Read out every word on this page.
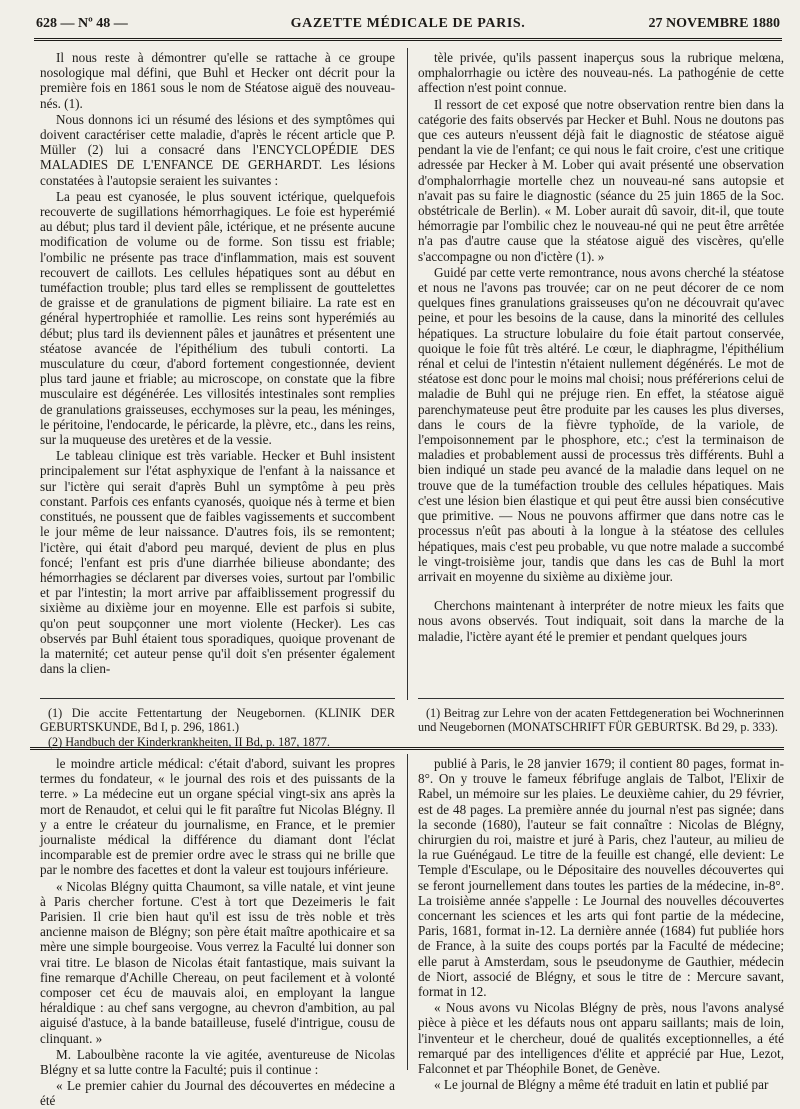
628 — Nº 48 —	GAZETTE MÉDICALE DE PARIS.	27 NOVEMBRE 1880

Il nous reste à démontrer qu'elle se rattache à ce groupe nosologique mal défini, que Buhl et Hecker ont décrit pour la première fois en 1861 sous le nom de Stéatose aiguë des nouveau-nés. (1).

Nous donnons ici un résumé des lésions et des symptômes qui doivent caractériser cette maladie, d'après le récent article que P. Müller (2) lui a consacré dans l'ENCYCLOPÉDIE DES MALADIES DE L'ENFANCE DE GERHARDT. Les lésions constatées à l'autopsie seraient les suivantes :

La peau est cyanosée, le plus souvent ictérique, quelquefois recouverte de sugillations hémorrhagiques. Le foie est hyperémié au début; plus tard il devient pâle, ictérique, et ne présente aucune modification de volume ou de forme. Son tissu est friable; l'ombilic ne présente pas trace d'inflammation, mais est souvent recouvert de caillots. Les cellules hépatiques sont au début en tuméfaction trouble; plus tard elles se remplissent de gouttelettes de graisse et de granulations de pigment biliaire. La rate est en général hypertrophiée et ramollie. Les reins sont hyperémiés au début; plus tard ils deviennent pâles et jaunâtres et présentent une stéatose avancée de l'épithélium des tubuli contorti. La musculature du cœur, d'abord fortement congestionnée, devient plus tard jaune et friable; au microscope, on constate que la fibre musculaire est dégénérée. Les villosités intestinales sont remplies de granulations graisseuses, ecchymoses sur la peau, les méninges, le péritoine, l'endocarde, le péricarde, la plèvre, etc., dans les reins, sur la muqueuse des uretères et de la vessie.

Le tableau clinique est très variable. Hecker et Buhl insistent principalement sur l'état asphyxique de l'enfant à la naissance et sur l'ictère qui serait d'après Buhl un symptôme à peu près constant. Parfois ces enfants cyanosés, quoique nés à terme et bien constitués, ne poussent que de faibles vagissements et succombent le jour même de leur naissance. D'autres fois, ils se remontent; l'ictère, qui était d'abord peu marqué, devient de plus en plus foncé; l'enfant est pris d'une diarrhée bilieuse abondante; des hémorrhagies se déclarent par diverses voies, surtout par l'ombilic et par l'intestin; la mort arrive par affaiblissement progressif du sixième au dixième jour en moyenne. Elle est parfois si subite, qu'on peut soupçonner une mort violente (Hecker). Les cas observés par Buhl étaient tous sporadiques, quoique provenant de la maternité; cet auteur pense qu'il doit s'en présenter également dans la clien-

tèle privée, qu'ils passent inaperçus sous la rubrique melœna, omphalorrhagie ou ictère des nouveau-nés. La pathogénie de cette affection n'est point connue.

Il ressort de cet exposé que notre observation rentre bien dans la catégorie des faits observés par Hecker et Buhl. Nous ne doutons pas que ces auteurs n'eussent déjà fait le diagnostic de stéatose aiguë pendant la vie de l'enfant; ce qui nous le fait croire, c'est une critique adressée par Hecker à M. Lober qui avait présenté une observation d'omphalorrhagie mortelle chez un nouveau-né sans autopsie et n'avait pas su faire le diagnostic (séance du 25 juin 1865 de la Soc. obstétricale de Berlin). « M. Lober aurait dû savoir, dit-il, que toute hémorragie par l'ombilic chez le nouveau-né qui ne peut être arrêtée n'a pas d'autre cause que la stéatose aiguë des viscères, qu'elle s'accompagne ou non d'ictère (1). »

Guidé par cette verte remontrance, nous avons cherché la stéatose et nous ne l'avons pas trouvée; car on ne peut décorer de ce nom quelques fines granulations graisseuses qu'on ne découvrait qu'avec peine, et pour les besoins de la cause, dans la minorité des cellules hépatiques. La structure lobulaire du foie était partout conservée, quoique le foie fût très altéré. Le cœur, le diaphragme, l'épithélium rénal et celui de l'intestin n'étaient nullement dégénérés. Le mot de stéatose est donc pour le moins mal choisi; nous préférerions celui de maladie de Buhl qui ne préjuge rien. En effet, la stéatose aiguë parenchymateuse peut être produite par les causes les plus diverses, dans le cours de la fièvre typhoïde, de la variole, de l'empoisonnement par le phosphore, etc.; c'est la terminaison de maladies et probablement aussi de processus très différents. Buhl a bien indiqué un stade peu avancé de la maladie dans lequel on ne trouve que de la tuméfaction trouble des cellules hépatiques. Mais c'est une lésion bien élastique et qui peut être aussi bien consécutive que primitive. — Nous ne pouvons affirmer que dans notre cas le processus n'eût pas abouti à la longue à la stéatose des cellules hépatiques, mais c'est peu probable, vu que notre malade a succombé le vingt-troisième jour, tandis que dans les cas de Buhl la mort arrivait en moyenne du sixième au dixième jour.

Cherchons maintenant à interpréter de notre mieux les faits que nous avons observés. Tout indiquait, soit dans la marche de la maladie, l'ictère ayant été le premier et pendant quelques jours

(1) Die accite Fettentartung der Neugebornen. (KLINIK DER GEBURTSKUNDE, Bd I, p. 296, 1861.)

(2) Handbuch der Kinderkrankheiten, II Bd, p. 187, 1877.

(1) Beitrag zur Lehre von der acaten Fettdegeneration bei Wochnerinnen und Neugebornen (MONATSCHRIFT FÜR GEBURTSK. Bd 29, p. 333).

le moindre article médical: c'était d'abord, suivant les propres termes du fondateur, « le journal des rois et des puissants de la terre. » La médecine eut un organe spécial vingt-six ans après la mort de Renaudot, et celui qui le fit paraître fut Nicolas Blégny. Il y a entre le créateur du journalisme, en France, et le premier journaliste médical la différence du diamant dont l'éclat incomparable est de premier ordre avec le strass qui ne brille que par le nombre des facettes et dont la valeur est toujours inférieure.

« Nicolas Blégny quitta Chaumont, sa ville natale, et vint jeune à Paris chercher fortune. C'est à tort que Dezeimeris le fait Parisien. Il crie bien haut qu'il est issu de très noble et très ancienne maison de Blégny; son père était maître apothicaire et sa mère une simple bourgeoise. Vous verrez la Faculté lui donner son vrai titre. Le blason de Nicolas était fantastique, mais suivant la fine remarque d'Achille Chereau, on peut facilement et à volonté composer cet écu de mauvais aloi, en employant la langue héraldique : au chef sans vergogne, au chevron d'ambition, au pal aiguisé d'astuce, à la bande batailleuse, fuselé d'intrigue, cousu de clinquant. »

M. Laboulbène raconte la vie agitée, aventureuse de Nicolas Blégny et sa lutte contre la Faculté; puis il continue :

« Le premier cahier du Journal des découvertes en médecine a été

publié à Paris, le 28 janvier 1679; il contient 80 pages, format in-8°. On y trouve le fameux fébrifuge anglais de Talbot, l'Elixir de Rabel, un mémoire sur les plaies. Le deuxième cahier, du 29 février, est de 48 pages. La première année du journal n'est pas signée; dans la seconde (1680), l'auteur se fait connaître : Nicolas de Blégny, chirurgien du roi, maistre et juré à Paris, chez l'auteur, au milieu de la rue Guénégaud. Le titre de la feuille est changé, elle devient: Le Temple d'Esculape, ou le Dépositaire des nouvelles découvertes qui se feront journellement dans toutes les parties de la médecine, in-8°. La troisième année s'appelle : Le Journal des nouvelles découvertes concernant les sciences et les arts qui font partie de la médecine, Paris, 1681, format in-12. La dernière année (1684) fut publiée hors de France, à la suite des coups portés par la Faculté de médecine; elle parut à Amsterdam, sous le pseudonyme de Gauthier, médecin de Niort, associé de Blégny, et sous le titre de : Mercure savant, format in 12.

« Nous avons vu Nicolas Blégny de près, nous l'avons analysé pièce à pièce et les défauts nous ont apparu saillants; mais de loin, l'inventeur et le chercheur, doué de qualités exceptionnelles, a été remarqué par des intelligences d'élite et apprécié par Hue, Lezot, Falconnet et par Théophile Bonet, de Genève.

« Le journal de Blégny a même été traduit en latin et publié par
